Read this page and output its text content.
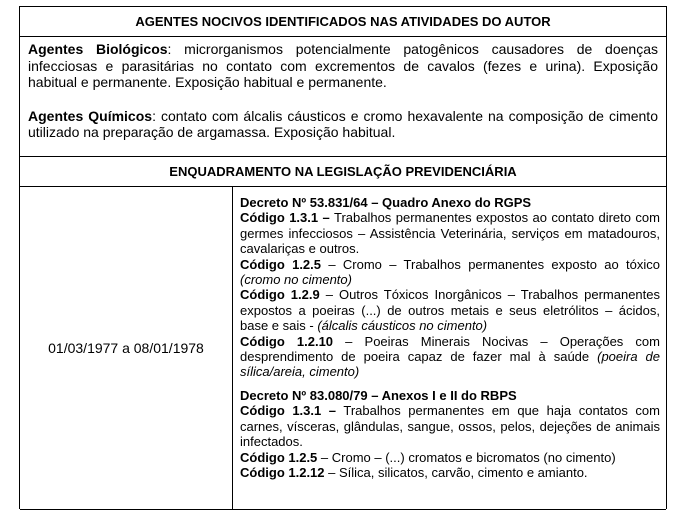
AGENTES NOCIVOS IDENTIFICADOS NAS ATIVIDADES DO AUTOR

Agentes Biológicos: microrganismos potencialmente patogênicos causadores de doenças infecciosas e parasitárias no contato com excrementos de cavalos (fezes e urina). Exposição habitual e permanente. Exposição habitual e permanente.

Agentes Químicos: contato com álcalis cáusticos e cromo hexavalente na composição de cimento utilizado na preparação de argamassa. Exposição habitual.

ENQUADRAMENTO NA LEGISLAÇÃO PREVIDENCIÁRIA
01/03/1977 a 08/01/1978

Decreto Nº 53.831/64 – Quadro Anexo do RGPS

Código 1.3.1 – Trabalhos permanentes expostos ao contato direto com germes infecciosos – Assistência Veterinária, serviços em matadouros, cavalariças e outros.

Código 1.2.5 – Cromo – Trabalhos permanentes exposto ao tóxico (cromo no cimento)

Código 1.2.9 – Outros Tóxicos Inorgânicos – Trabalhos permanentes expostos a poeiras (...) de outros metais e seus eletrólitos – ácidos, base e sais - (álcalis cáusticos no cimento)

Código 1.2.10 – Poeiras Minerais Nocivas – Operações com desprendimento de poeira capaz de fazer mal à saúde (poeira de sílica/areia, cimento)

Decreto Nº 83.080/79 – Anexos I e II do RBPS

Código 1.3.1 – Trabalhos permanentes em que haja contatos com carnes, vísceras, glândulas, sangue, ossos, pelos, dejeções de animais infectados.

Código 1.2.5 – Cromo – (...) cromatos e bicromatos (no cimento)

Código 1.2.12 – Sílica, silicatos, carvão, cimento e amianto.
